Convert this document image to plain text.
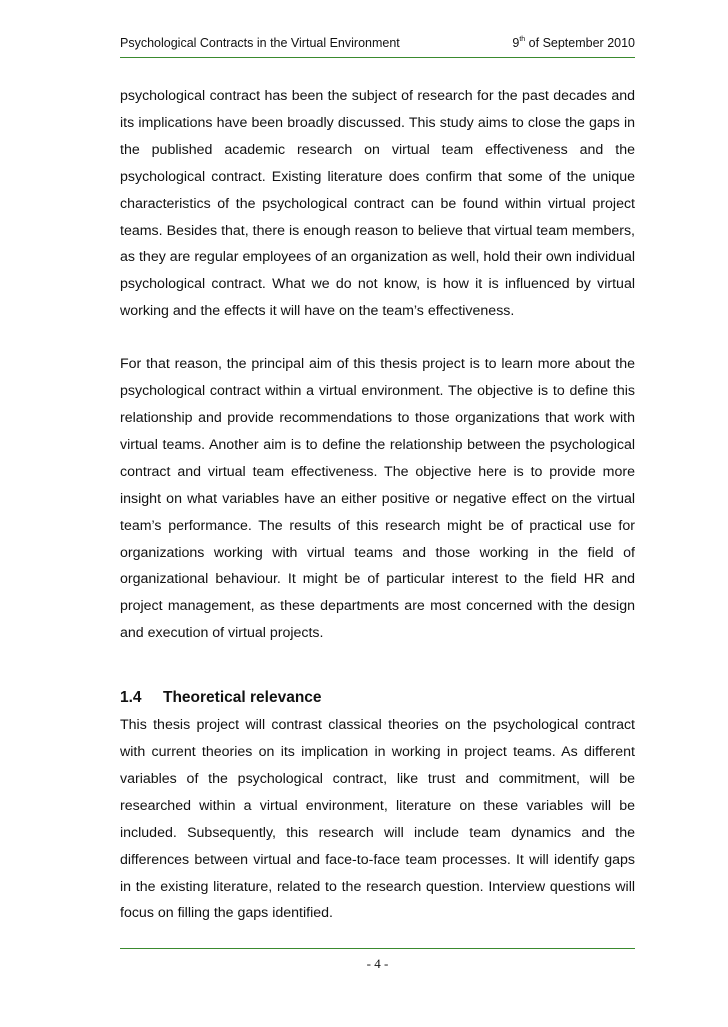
Psychological Contracts in the Virtual Environment	9th of September 2010

psychological contract has been the subject of research for the past decades and its implications have been broadly discussed. This study aims to close the gaps in the published academic research on virtual team effectiveness and the psychological contract. Existing literature does confirm that some of the unique characteristics of the psychological contract can be found within virtual project teams. Besides that, there is enough reason to believe that virtual team members, as they are regular employees of an organization as well, hold their own individual psychological contract. What we do not know, is how it is influenced by virtual working and the effects it will have on the team’s effectiveness.

For that reason, the principal aim of this thesis project is to learn more about the psychological contract within a virtual environment. The objective is to define this relationship and provide recommendations to those organizations that work with virtual teams. Another aim is to define the relationship between the psychological contract and virtual team effectiveness. The objective here is to provide more insight on what variables have an either positive or negative effect on the virtual team’s performance. The results of this research might be of practical use for organizations working with virtual teams and those working in the field of organizational behaviour. It might be of particular interest to the field HR and project management, as these departments are most concerned with the design and execution of virtual projects.

1.4	Theoretical relevance

This thesis project will contrast classical theories on the psychological contract with current theories on its implication in working in project teams. As different variables of the psychological contract, like trust and commitment, will be researched within a virtual environment, literature on these variables will be included. Subsequently, this research will include team dynamics and the differences between virtual and face-to-face team processes. It will identify gaps in the existing literature, related to the research question. Interview questions will focus on filling the gaps identified.

- 4 -
